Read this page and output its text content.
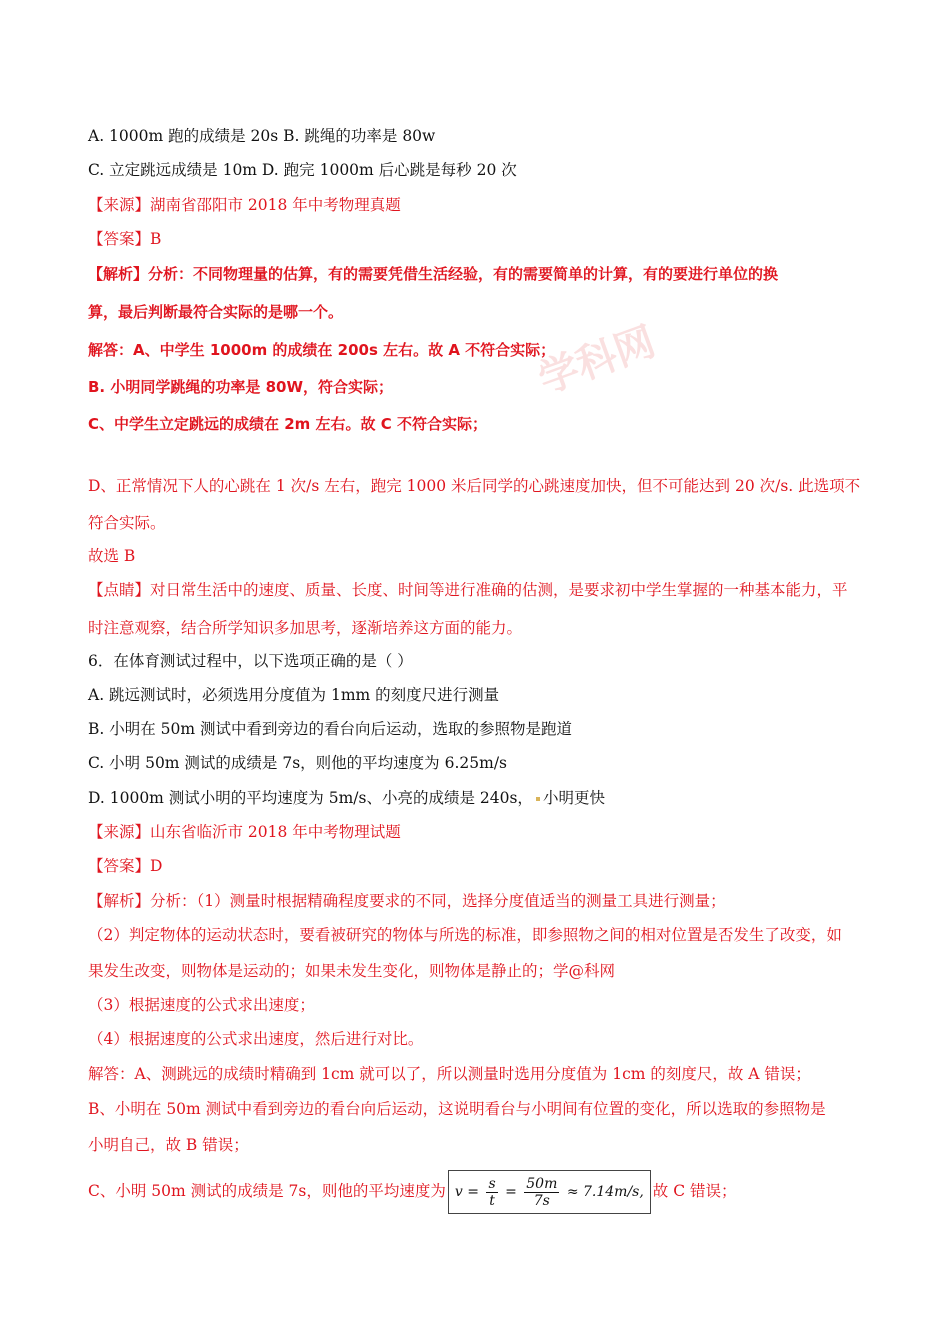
学科网
A. 1000m 跑的成绩是 20s B. 跳绳的功率是 80w
C. 立定跳远成绩是 10m D. 跑完 1000m 后心跳是每秒 20 次
【来源】湖南省邵阳市 2018 年中考物理真题
【答案】B
【解析】分析：不同物理量的估算，有的需要凭借生活经验，有的需要简单的计算，有的要进行单位的换
算，最后判断最符合实际的是哪一个。
解答：A、中学生 1000m 的成绩在 200s 左右。故 A 不符合实际；
B. 小明同学跳绳的功率是 80W，符合实际；
C、中学生立定跳远的成绩在 2m 左右。故 C 不符合实际；
D、正常情况下人的心跳在 1 次/s 左右，跑完 1000 米后同学的心跳速度加快，但不可能达到 20 次/s. 此选项不
符合实际。
故选 B
【点睛】对日常生活中的速度、质量、长度、时间等进行准确的估测，是要求初中学生掌握的一种基本能力，平
时注意观察，结合所学知识多加思考，逐渐培养这方面的能力。
6．在体育测试过程中，以下选项正确的是（ ）
A. 跳远测试时，必须选用分度值为 1mm 的刻度尺进行测量
B. 小明在 50m 测试中看到旁边的看台向后运动，选取的参照物是跑道
C. 小明 50m 测试的成绩是 7s，则他的平均速度为 6.25m/s
D. 1000m 测试小明的平均速度为 5m/s、小亮的成绩是 240s， 小明更快
【来源】山东省临沂市 2018 年中考物理试题
【答案】D
【解析】分析：（1）测量时根据精确程度要求的不同，选择分度值适当的测量工具进行测量；
（2）判定物体的运动状态时，要看被研究的物体与所选的标准，即参照物之间的相对位置是否发生了改变，如
果发生改变，则物体是运动的；如果未发生变化，则物体是静止的；学@科网
（3）根据速度的公式求出速度；
（4）根据速度的公式求出速度，然后进行对比。
解答：A、测跳远的成绩时精确到 1cm 就可以了，所以测量时选用分度值为 1cm 的刻度尺，故 A 错误；
B、小明在 50m 测试中看到旁边的看台向后运动，这说明看台与小明间有位置的变化，所以选取的参照物是
小明自己，故 B 错误；
C、小明 50m 测试的成绩是 7s，则他的平均速度为 $v = \frac{s}{t} = \frac{50m}{7s} \approx 7.14m/s$, 故 C 错误；
